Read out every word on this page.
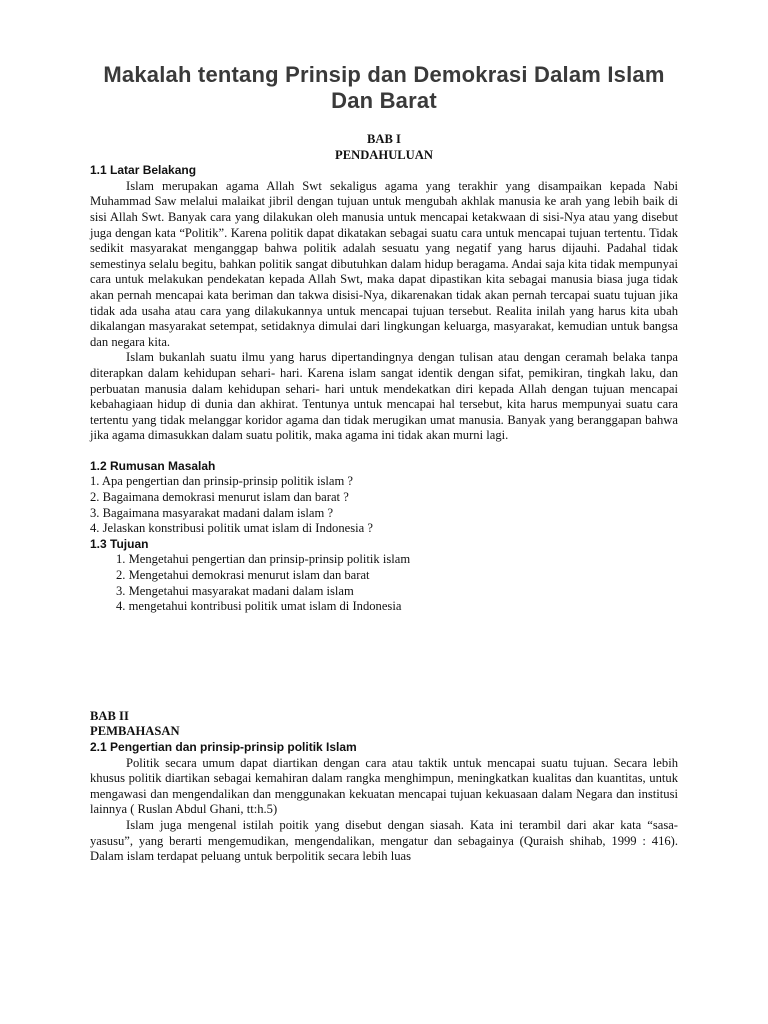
Makalah tentang Prinsip dan Demokrasi Dalam Islam Dan Barat

BAB I

PENDAHULUAN

1.1 Latar Belakang

Islam merupakan agama Allah Swt sekaligus agama yang terakhir yang disampaikan kepada Nabi Muhammad Saw melalui malaikat jibril dengan tujuan untuk mengubah akhlak manusia ke arah yang lebih baik di sisi Allah Swt. Banyak cara yang dilakukan oleh manusia untuk mencapai ketakwaan di sisi-Nya atau yang disebut juga dengan kata “Politik”. Karena politik dapat dikatakan sebagai suatu cara untuk mencapai tujuan tertentu. Tidak sedikit masyarakat menganggap bahwa politik adalah sesuatu yang negatif yang harus dijauhi. Padahal tidak semestinya selalu begitu, bahkan politik sangat dibutuhkan dalam hidup beragama. Andai saja kita tidak mempunyai cara untuk melakukan pendekatan kepada Allah Swt, maka dapat dipastikan kita sebagai manusia biasa juga tidak akan pernah mencapai kata beriman dan takwa disisi-Nya, dikarenakan tidak akan pernah tercapai suatu tujuan jika tidak ada usaha atau cara yang dilakukannya untuk mencapai tujuan tersebut. Realita inilah yang harus kita ubah dikalangan masyarakat setempat, setidaknya dimulai dari lingkungan keluarga, masyarakat, kemudian untuk bangsa dan negara kita.

Islam bukanlah suatu ilmu yang harus dipertandingnya dengan tulisan atau dengan ceramah belaka tanpa diterapkan dalam kehidupan sehari- hari. Karena islam sangat identik dengan sifat, pemikiran, tingkah laku, dan perbuatan manusia dalam kehidupan sehari- hari untuk mendekatkan diri kepada Allah dengan tujuan mencapai kebahagiaan hidup di dunia dan akhirat. Tentunya untuk mencapai hal tersebut, kita harus mempunyai suatu cara tertentu yang tidak melanggar koridor agama dan tidak merugikan umat manusia. Banyak yang beranggapan bahwa jika agama dimasukkan dalam suatu politik, maka agama ini tidak akan murni lagi.

1.2 Rumusan Masalah

1. Apa pengertian dan prinsip-prinsip politik islam ?
2. Bagaimana demokrasi menurut islam dan barat ?
3. Bagaimana masyarakat madani dalam islam ?
4. Jelaskan konstribusi politik umat islam di Indonesia ?

1.3 Tujuan

1. Mengetahui pengertian dan prinsip-prinsip politik islam
2. Mengetahui demokrasi menurut islam dan barat
3. Mengetahui masyarakat madani dalam islam
4. mengetahui kontribusi politik umat islam di Indonesia

BAB II

PEMBAHASAN

2.1 Pengertian dan prinsip-prinsip politik Islam

Politik secara umum dapat diartikan dengan cara atau taktik untuk mencapai suatu tujuan. Secara lebih khusus politik diartikan sebagai kemahiran dalam rangka menghimpun, meningkatkan kualitas dan kuantitas, untuk mengawasi dan mengendalikan dan menggunakan kekuatan mencapai tujuan kekuasaan dalam Negara dan institusi lainnya ( Ruslan Abdul Ghani, tt:h.5)

Islam juga mengenal istilah poitik yang disebut dengan siasah. Kata ini terambil dari akar kata “sasa-yasusu”, yang berarti mengemudikan, mengendalikan, mengatur dan sebagainya (Quraish shihab, 1999 : 416). Dalam islam terdapat peluang untuk berpolitik secara lebih luas
